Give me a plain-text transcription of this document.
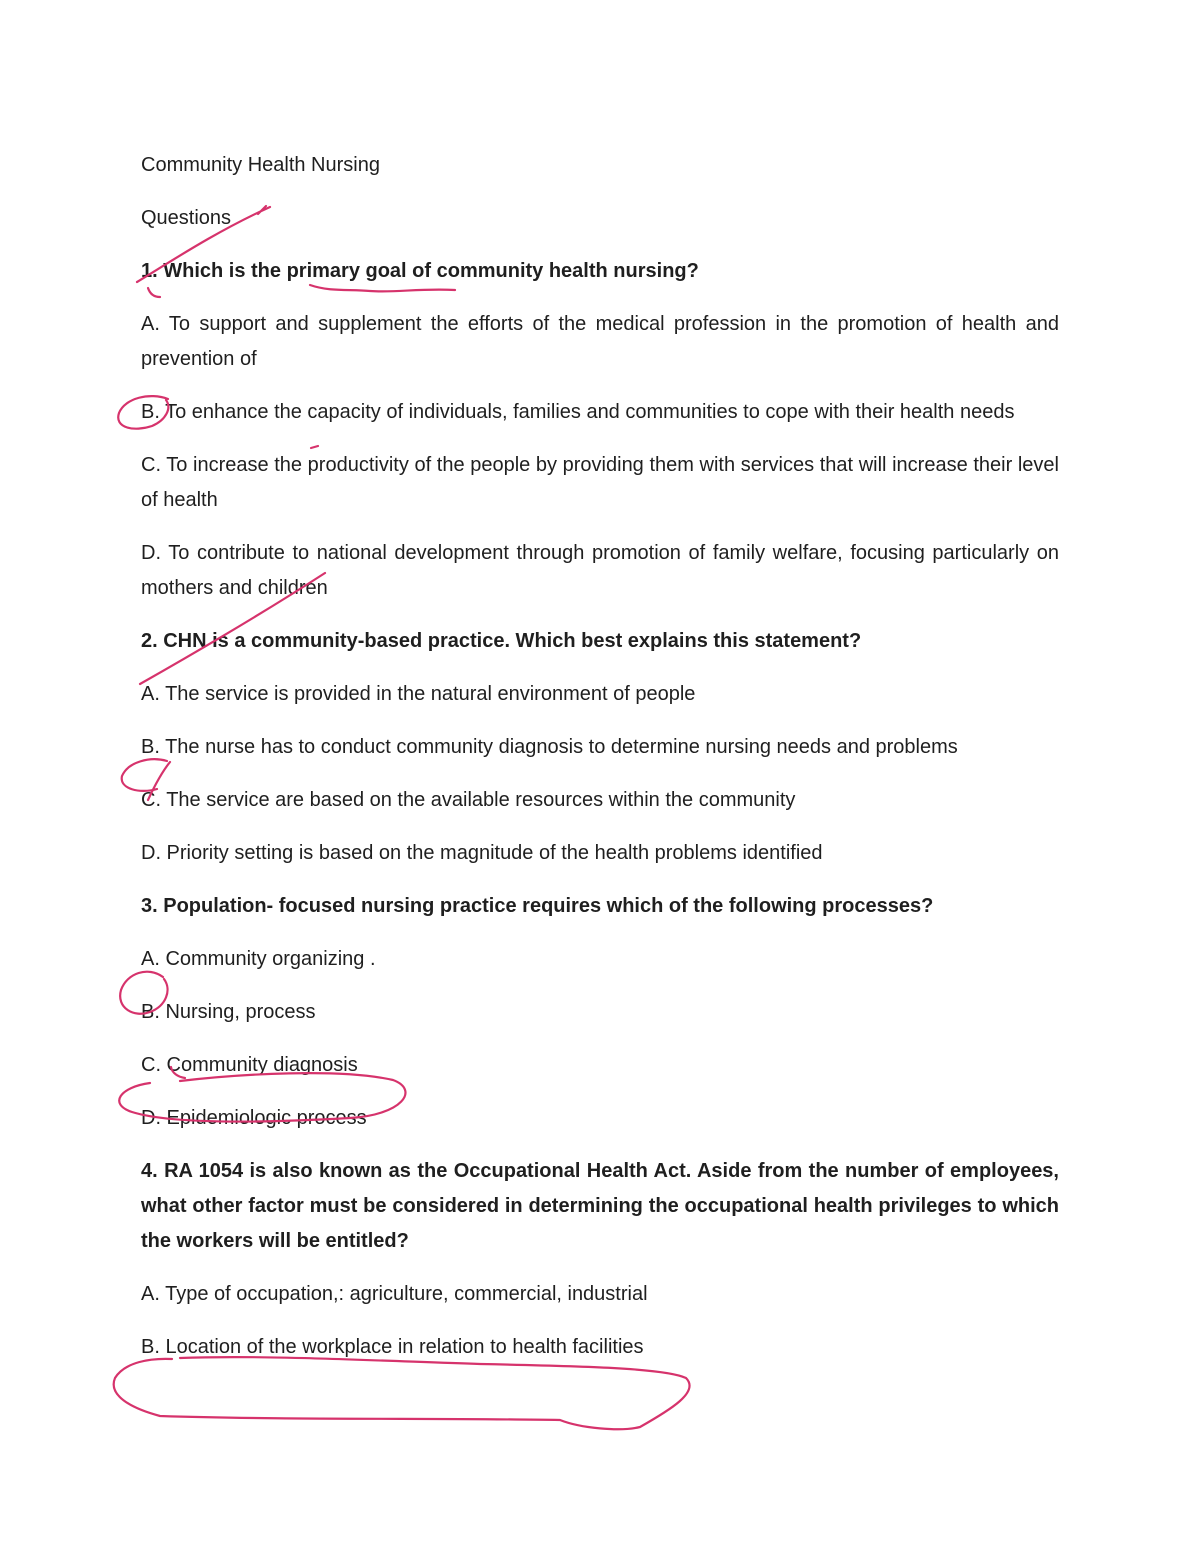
Community Health Nursing

Questions

1. Which is the primary goal of community health nursing?

A. To support and supplement the efforts of the medical profession in the promotion of health and prevention of

B. To enhance the capacity of individuals, families and communities to cope with their health needs

C. To increase the productivity of the people by providing them with services that will increase their level of health

D. To contribute to national development through promotion of family welfare, focusing particularly on mothers and children

2. CHN is a community-based practice. Which best explains this statement?

A. The service is provided in the natural environment of people

B. The nurse has to conduct community diagnosis to determine nursing needs and problems

C. The service are based on the available resources within the community

D. Priority setting is based on the magnitude of the health problems identified

3. Population- focused nursing practice requires which of the following processes?

A. Community organizing .

B. Nursing, process

C. Community diagnosis

D. Epidemiologic process

4. RA 1054 is also known as the Occupational Health Act. Aside from the number of employees, what other factor must be considered in determining the occupational health privileges to which the workers will be entitled?

A. Type of occupation,: agriculture, commercial, industrial

B. Location of the workplace in relation to health facilities
